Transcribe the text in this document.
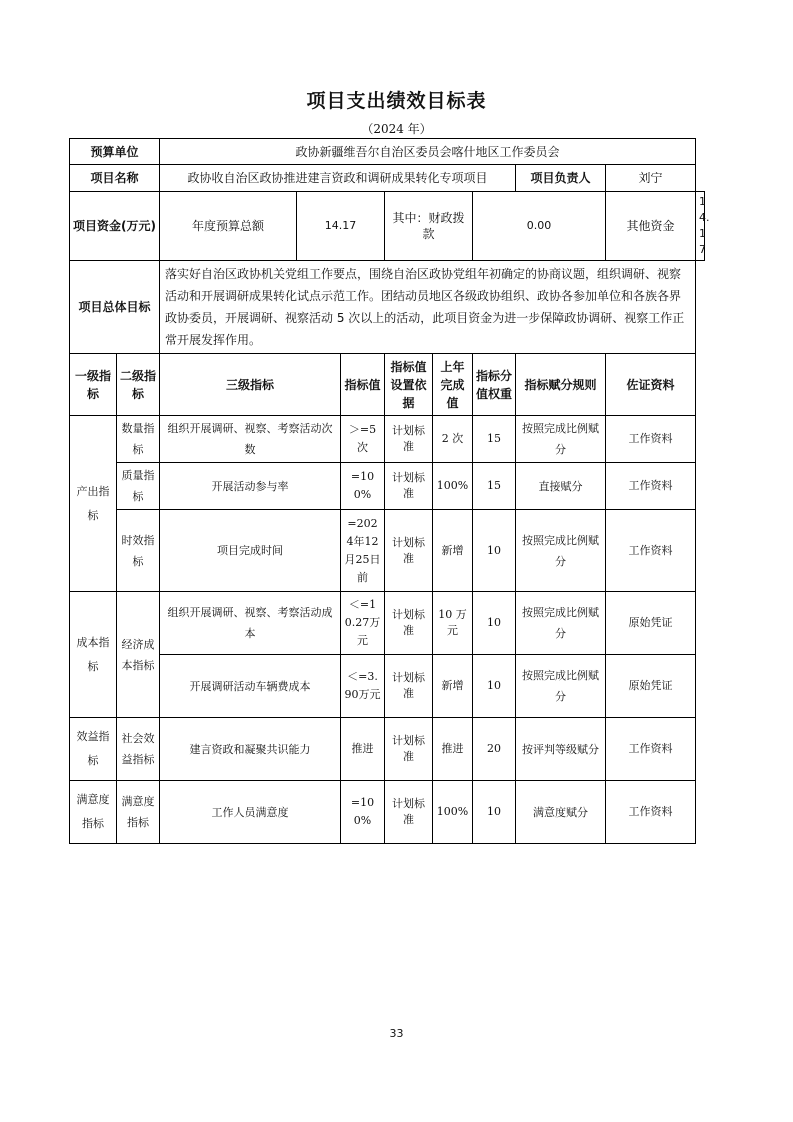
项目支出绩效目标表
（2024 年）
预算单位		政协新疆维吾尔自治区委员会喀什地区工作委员会								
项目名称		政协收自治区政协推进建言资政和调研成果转化专项项目						项目负责人	刘宁	
项目资金(万元)		年度预算总额	14.17		其中：财政拨款		0.00		其他资金	14.17
项目总体目标		落实好自治区政协机关党组工作要点，围绕自治区政协党组年初确定的协商议题，组织调研、视察活动和开展调研成果转化试点示范工作。团结动员地区各级政协组织、政协各参加单位和各族各界政协委员，开展调研、视察活动 5 次以上的活动，此项目资金为进一步保障政协调研、视察工作正常开展发挥作用。								
一级指标	二级指标	三级指标		指标值	指标值设置依据	上年完成值	指标分值权重	指标赋分规则	佐证资料	
产出指标	数量指标	组织开展调研、视察、考察活动次数		＞=5次	计划标准	2 次	15	按照完成比例赋分	工作资料	
	质量指标	开展活动参与率		=100%	计划标准	100%	15	直接赋分	工作资料	
	时效指标	项目完成时间		=2024年12月25日前	计划标准	新增	10	按照完成比例赋分	工作资料	
成本指标	经济成本指标	组织开展调研、视察、考察活动成本		＜=10.27万元	计划标准	10 万元	10	按照完成比例赋分	原始凭证	
		开展调研活动车辆费成本		＜=3.90万元	计划标准	新增	10	按照完成比例赋分	原始凭证	
效益指标	社会效益指标	建言资政和凝聚共识能力		推进	计划标准	推进	20	按评判等级赋分	工作资料	
满意度指标	满意度指标	工作人员满意度		=100%	计划标准	100%	10	满意度赋分	工作资料	
33
